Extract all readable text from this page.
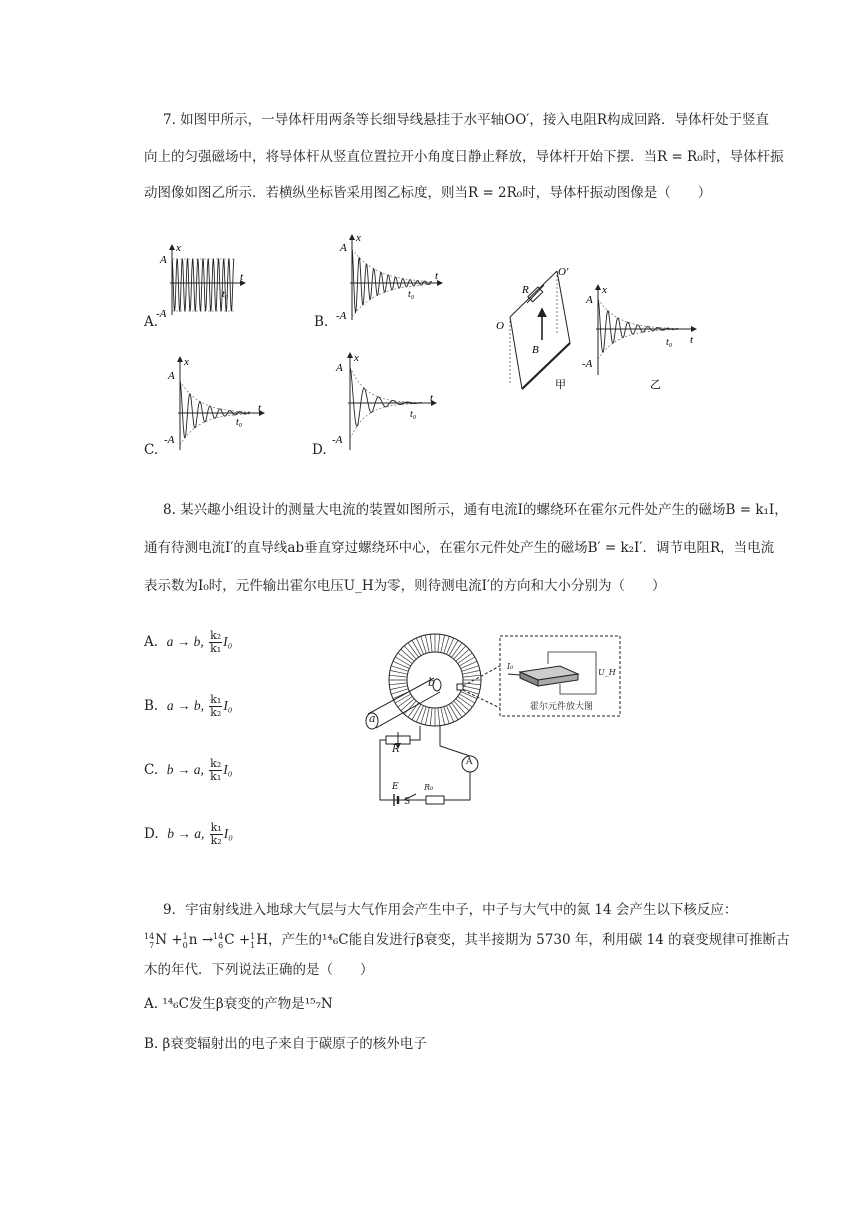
7. 如图甲所示，一导体杆用两条等长细导线悬挂于水平轴OO′，接入电阻R构成回路．导体杆处于竖直
向上的匀强磁场中，将导体杆从竖直位置拉开小角度日静止释放，导体杆开始下摆．当R = R₀时，导体杆振
动图像如图乙所示．若横纵坐标皆采用图乙标度，则当R = 2R₀时，导体杆振动图像是（　　）
x
A
-A
t₀
t
x
A
-A
t₀
t
x
A
-A
t₀
t
x
A
-A
t₀
t
O
O′
R
B
甲
x
A
-A
t₀ t
乙
A.	B.
C.	D.
8. 某兴趣小组设计的测量大电流的装置如图所示，通有电流I的螺绕环在霍尔元件处产生的磁场B = k₁I，
通有待测电流I′的直导线ab垂直穿过螺绕环中心，在霍尔元件处产生的磁场B′ = k₂I′．调节电阻R，当电流
表示数为I₀时，元件输出霍尔电压U_H为零，则待测电流I′的方向和大小分别为（　　）
A. a → b, $\frac{\text{k₂}}{\text{k₁}} I_0$
B. a → b, $\frac{\text{k₁}}{\text{k₂}} I_0$
C. b → a, $\frac{\text{k₂}}{\text{k₁}} I_0$
D. b → a, $\frac{\text{k₁}}{\text{k₂}} I_0$
a
b
R
E
S
R₀
A
I₀
U_H
霍尔元件放大图
9．宇宙射线进入地球大气层与大气作用会产生中子，中子与大气中的氮 14 会产生以下核反应：
14
7 N + 1
0 n → 14
6 C + 1
1 H，产生的¹⁴₆C能自发进行β衰变，其半接期为 5730 年，利用碳 14 的衰变规律可推断古
木的年代．下列说法正确的是（　　）
A. ¹⁴₆C发生β衰变的产物是¹⁵₇N
B. β衰变辐射出的电子来自于碳原子的核外电子
